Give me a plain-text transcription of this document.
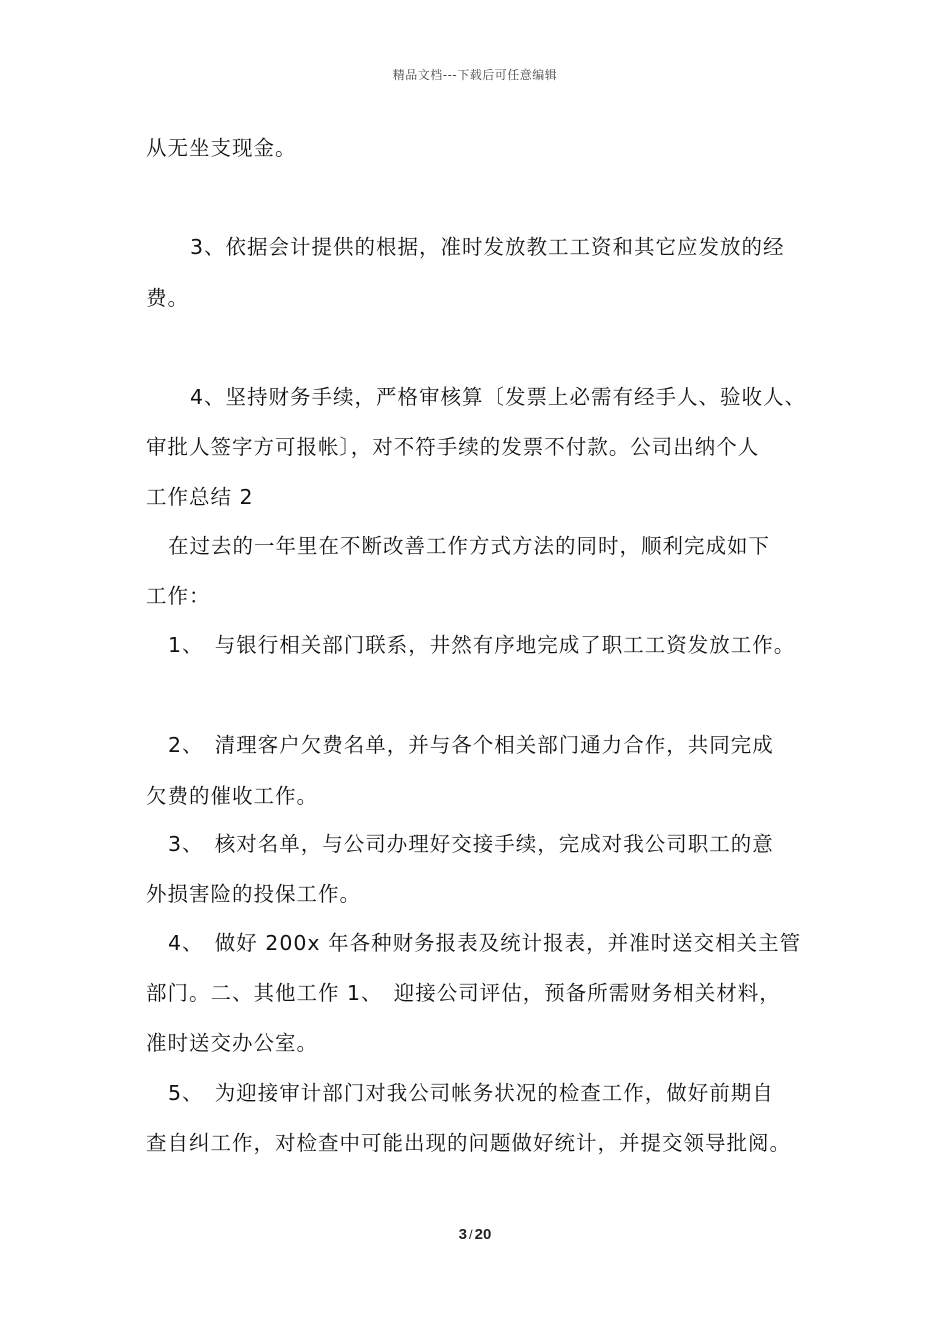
精品文档---下载后可任意编辑
从无坐支现金。
3、依据会计提供的根据，准时发放教工工资和其它应发放的经
费。
4、坚持财务手续，严格审核算〔发票上必需有经手人、验收人、
审批人签字方可报帐〕，对不符手续的发票不付款。公司出纳个人
工作总结 2
在过去的一年里在不断改善工作方式方法的同时，顺利完成如下
工作：
1、　与银行相关部门联系，井然有序地完成了职工工资发放工作。
2、　清理客户欠费名单，并与各个相关部门通力合作，共同完成
欠费的催收工作。
3、　核对名单，与公司办理好交接手续，完成对我公司职工的意
外损害险的投保工作。
4、　做好 200x 年各种财务报表及统计报表，并准时送交相关主管
部门。二、其他工作 1、　迎接公司评估，预备所需财务相关材料，
准时送交办公室。
5、　为迎接审计部门对我公司帐务状况的检查工作，做好前期自
查自纠工作，对检查中可能出现的问题做好统计，并提交领导批阅。
3 / 20
